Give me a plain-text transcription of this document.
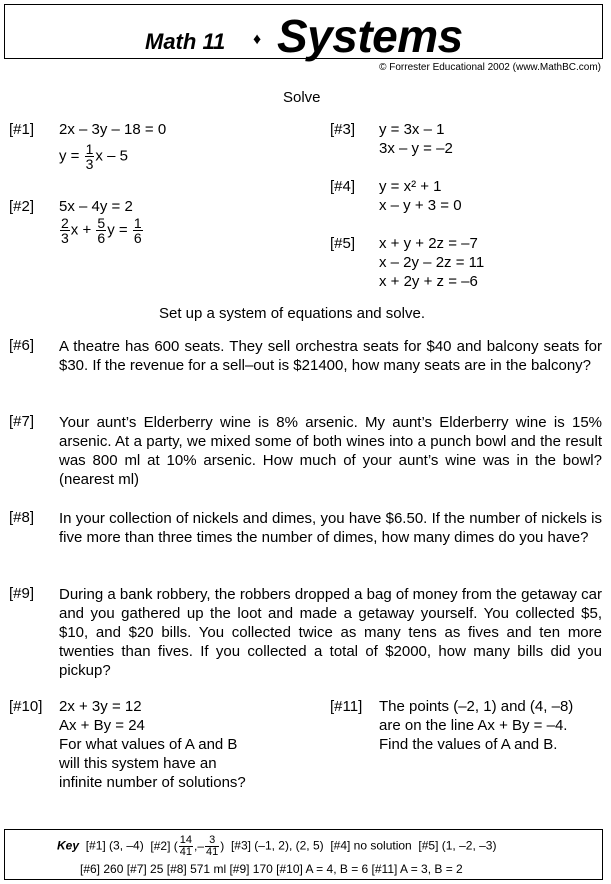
Math 11 ♦ Systems
© Forrester Educational 2002 (www.MathBC.com)
Solve
[#1] 2x – 3y – 18 = 0
$y = \frac{1}{3}$ x – 5
[#2] 5x – 4y = 2
$\frac{2}{3}$ $x + \frac{5}{6}$ $y = \frac{1}{6}$
[#3] y = 3x – 1
3x – y = –2
[#4] y = x² + 1
x – y + 3 = 0
[#5] x + y + 2z = –7
x – 2y – 2z = 11
x + 2y + z = –6
Set up a system of equations and solve.
[#6] A theatre has 600 seats. They sell orchestra seats for $40 and balcony seats for $30. If the revenue for a sell–out is $21400, how many seats are in the balcony?
[#7] Your aunt’s Elderberry wine is 8% arsenic. My aunt’s Elderberry wine is 15% arsenic. At a party, we mixed some of both wines into a punch bowl and the result was 800 ml at 10% arsenic. How much of your aunt’s wine was in the bowl? (nearest ml)
[#8] In your collection of nickels and dimes, you have $6.50. If the number of nickels is five more than three times the number of dimes, how many dimes do you have?
[#9] During a bank robbery, the robbers dropped a bag of money from the getaway car and you gathered up the loot and made a getaway yourself. You collected $5, $10, and $20 bills. You collected twice as many tens as fives and ten more twenties than fives. If you collected a total of $2000, how many bills did you pickup?
[#10] 2x + 3y = 12
Ax + By = 24
For what values of A and B
will this system have an
infinite number of solutions?
[#11] The points (–2, 1) and (4, –8)
are on the line Ax + By = –4.
Find the values of A and B.
Key [#1] (3, –4) [#2] ( $\frac{14}{41}$ ,– $\frac{3}{41}$ ) [#3] (–1, 2), (2, 5) [#4] no solution [#5] (1, –2, –3)
[#6] 260 [#7] 25 [#8] 571 ml [#9] 170 [#10] A = 4, B = 6 [#11] A = 3, B = 2
